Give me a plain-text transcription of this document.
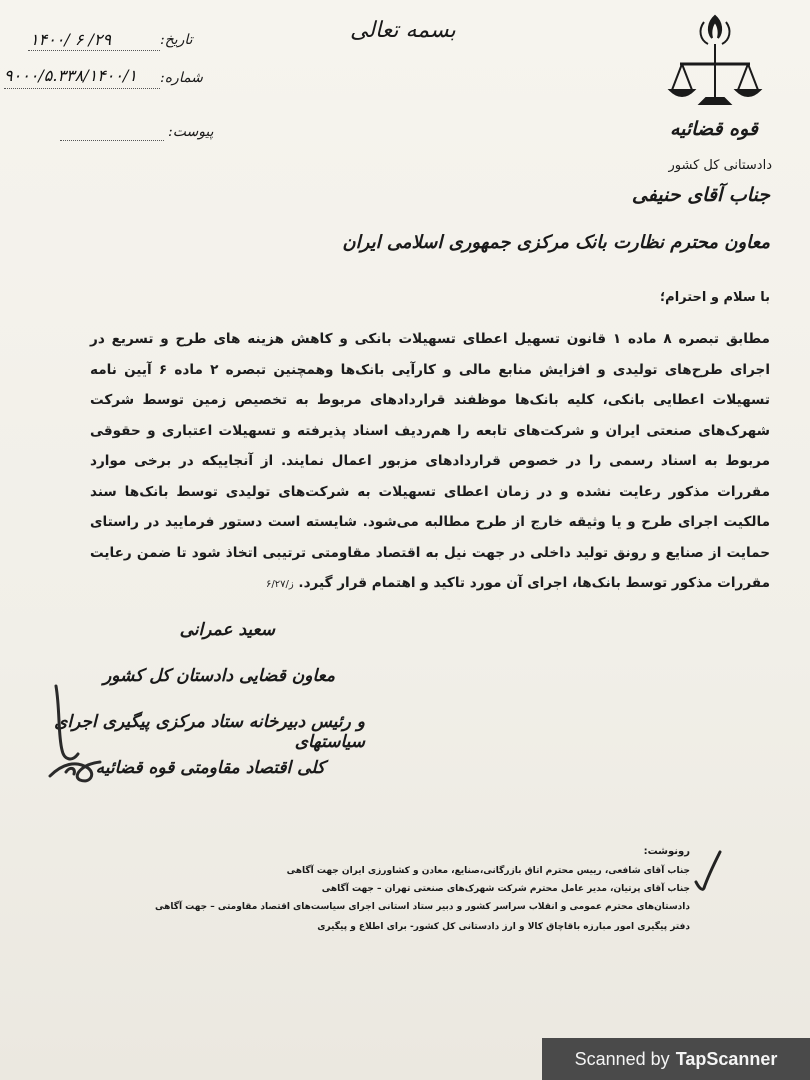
قوه قضائیه
دادستانی کل کشور
بسمه تعالی
تاریخ:
۱۴۰۰/ ۶ /۲۹
شماره:
۹۰۰۰/۵.۳۳۸/۱۴۰۰/۱
پیوست:
جناب آقای حنیفی
معاون محترم نظارت بانک مرکزی جمهوری اسلامی ایران
با سلام و احترام؛
مطابق تبصره ۸ ماده ۱ قانون تسهیل اعطای تسهیلات بانکی و کاهش هزینه های طرح و تسریع در اجرای طرح‌های تولیدی و افزایش منابع مالی و کارآیی بانک‌ها وهمچنین تبصره ۲ ماده ۶ آیین نامه تسهیلات اعطایی بانکی، کلیه بانک‌ها موظفند قراردادهای مربوط به تخصیص زمین توسط شرکت شهرک‌های صنعتی ایران و شرکت‌های تابعه را هم‌ردیف اسناد پذیرفته و تسهیلات اعتباری و حقوقی مربوط به اسناد رسمی را در خصوص قراردادهای مزبور اعمال نمایند. از آنجاییکه در برخی موارد مقررات مذکور رعایت نشده و در زمان اعطای تسهیلات به شرکت‌های تولیدی توسط بانک‌ها سند مالکیت اجرای طرح و یا وثیقه خارج از طرح مطالبه می‌شود. شایسته است دستور فرمایید در راستای حمایت از صنایع و رونق تولید داخلی در جهت نیل به اقتصاد مقاومتی ترتیبی اتخاذ شود تا ضمن رعایت مقررات مذکور توسط بانک‌ها، اجرای آن مورد تاکید و اهتمام قرار گیرد. ز/۶/۲۷
سعید عمرانی
معاون قضایی دادستان کل کشور
و رئیس دبیرخانه ستاد مرکزی پیگیری اجرای سیاستهای
کلی اقتصاد مقاومتی قوه قضائیه
رونوشت:
جناب آقای شافعی، رییس محترم اتاق بازرگانی،صنایع، معادن و کشاورزی ایران جهت آگاهی
جناب آقای پرتیان، مدیر عامل محترم شرکت شهرک‌های صنعتی تهران – جهت آگاهی
دادستان‌های محترم عمومی و انقلاب سراسر کشور و دبیر ستاد استانی اجرای سیاست‌های اقتصاد مقاومتی – جهت آگاهی
دفتر پیگیری امور مبارزه باقاچاق کالا و ارز دادستانی کل کشور- برای اطلاع و پیگیری
Scanned by TapScanner
